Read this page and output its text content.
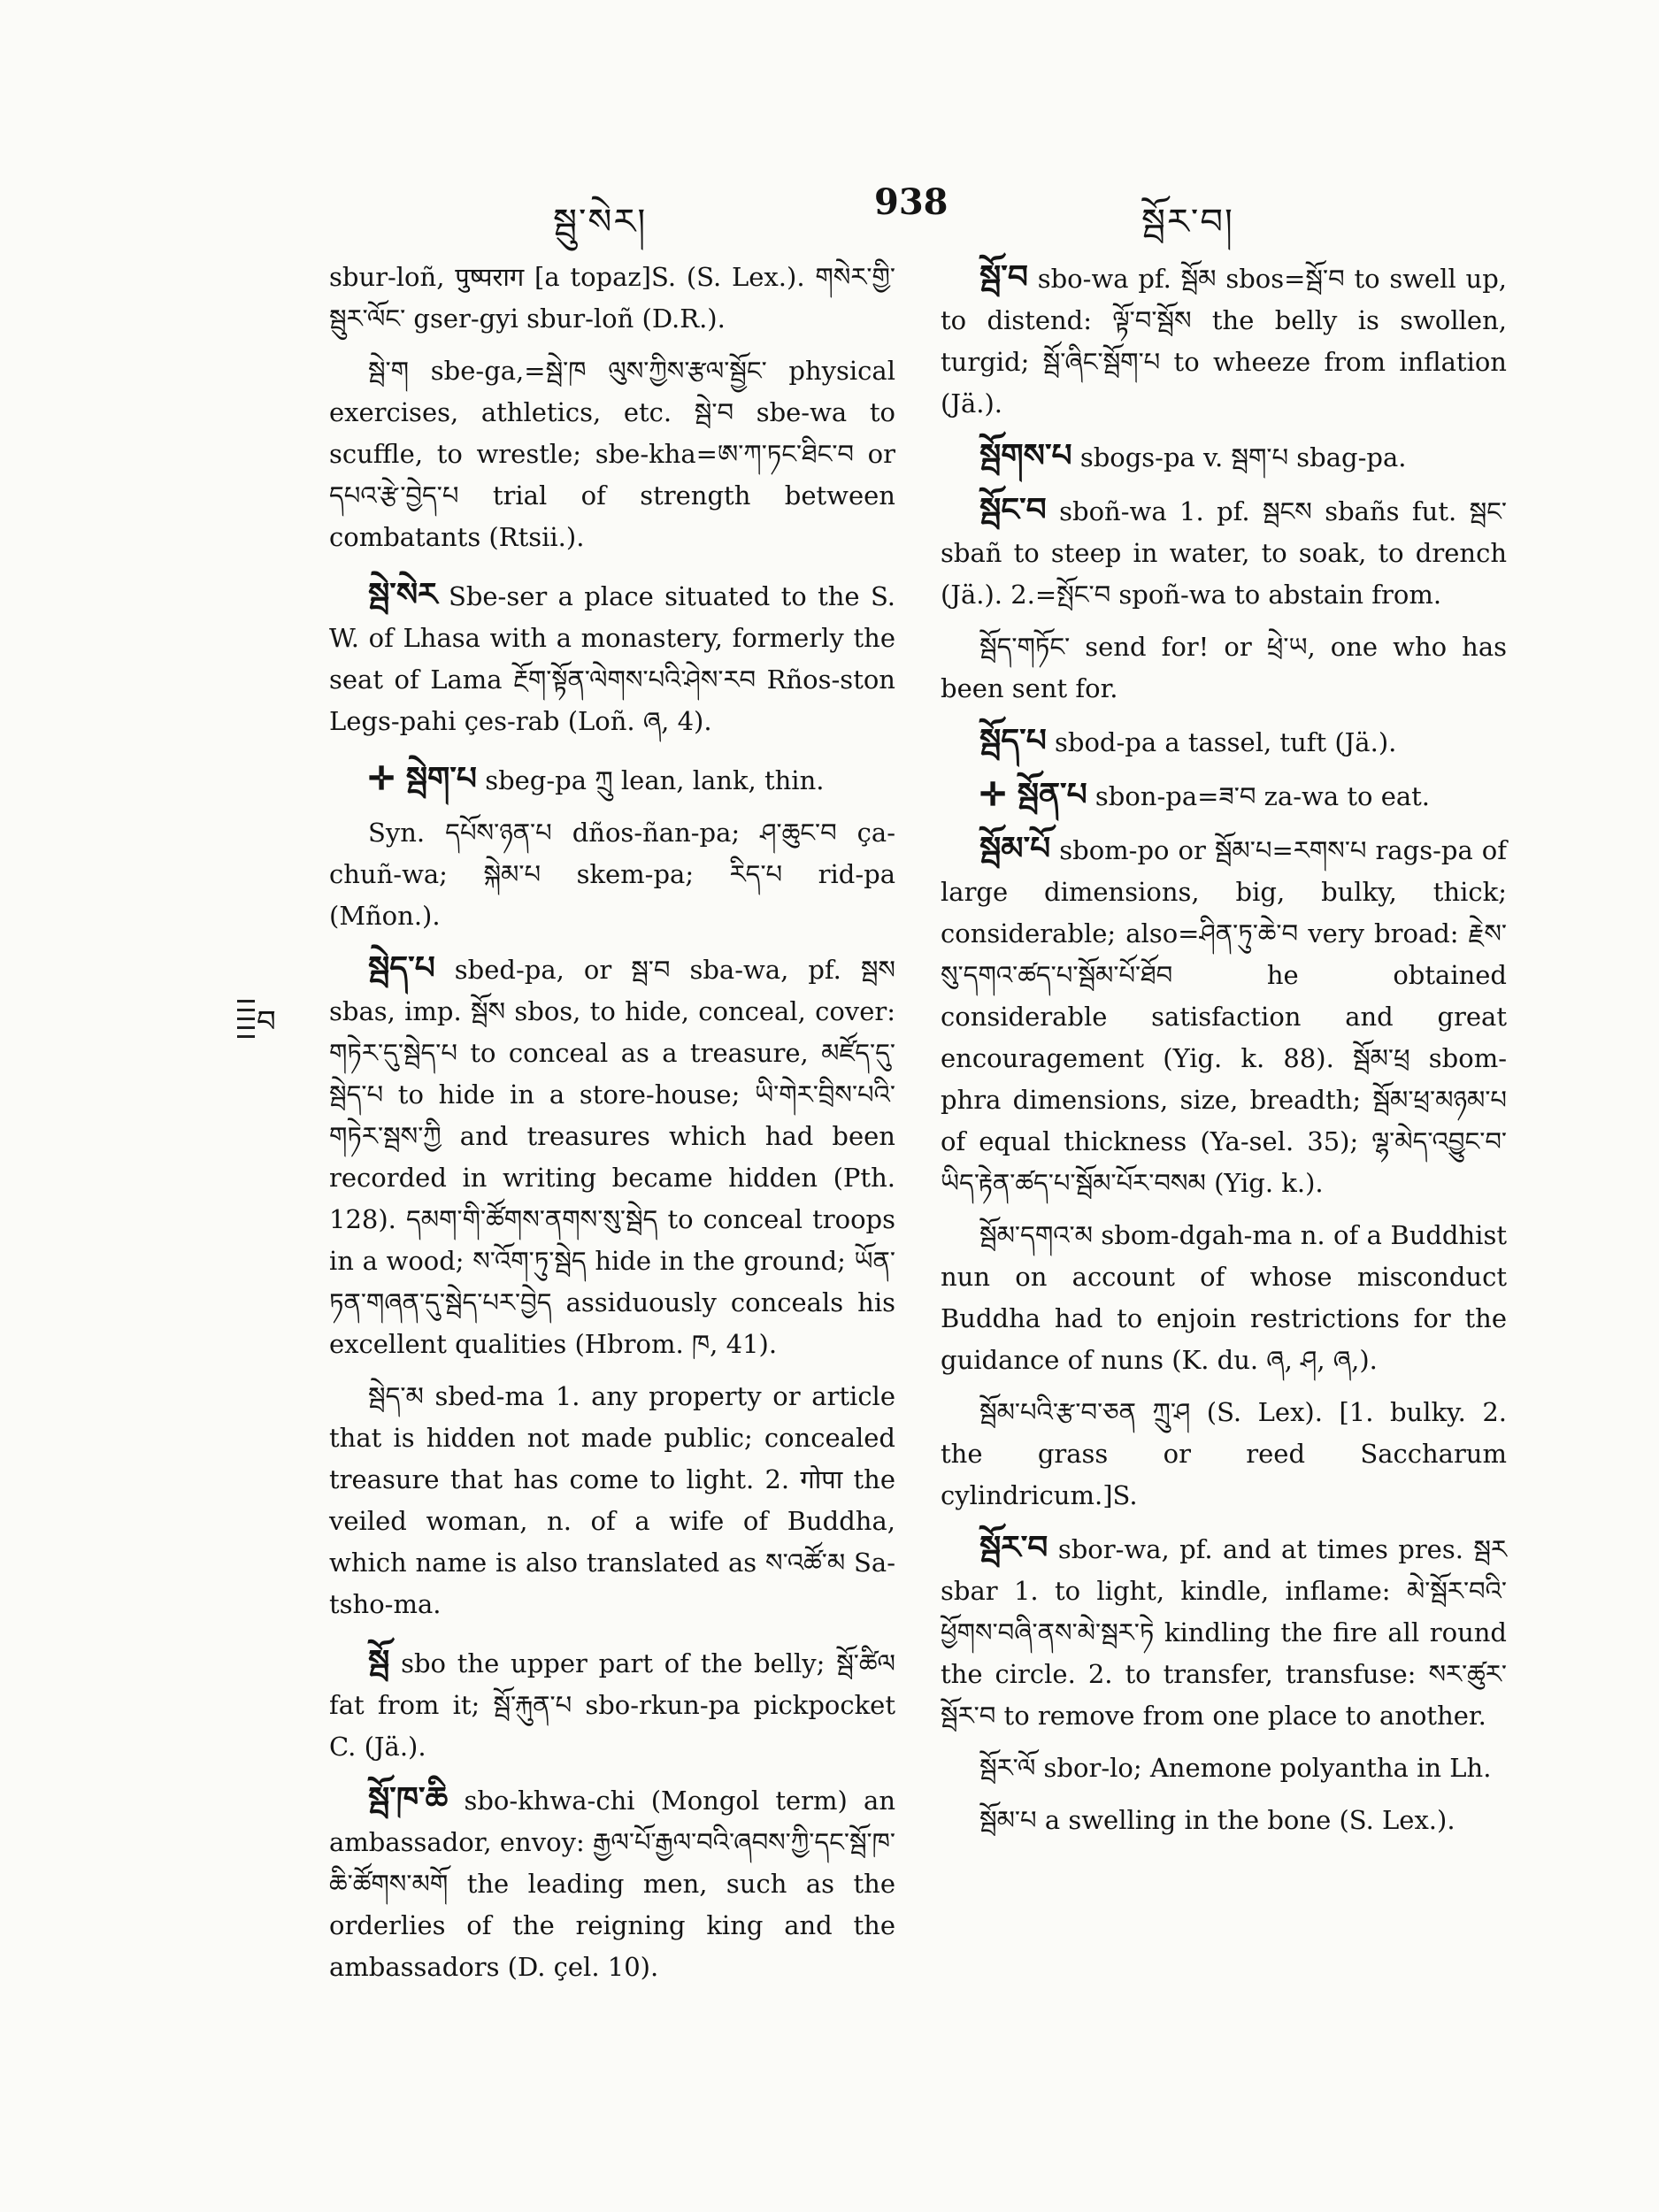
སྦུ་སེར།	938	སྦོར་བ།
བ

sbur-loñ, पुष्पराग [a topaz]S. (S. Lex.). གསེར་གྱི་སྦུར་ལོང་ gser-gyi sbur-loñ (D.R.).

སྦེ་ག sbe-ga,=སྦེ་ཁ ལུས་ཀྱིས་རྩལ་སྦྱོང་ physical exercises, athletics, etc. སྦེ་བ sbe-wa to scuffle, to wrestle; sbe-kha=ཨ་ཀ་ཏང་ཐིང་བ or དཔའ་རྩེ་བྱེད་པ trial of strength between combatants (Rtsii.).

སྦེ་སེར Sbe-ser a place situated to the S. W. of Lhasa with a monastery, formerly the seat of Lama རྔོག་སྟོན་ལེགས་པའི་ཤེས་རབ Rños-ston Legs-pahi çes-rab (Loñ. ཞ, 4).

✛ སྦེག་པ sbeg-pa ཀྲུ lean, lank, thin.

Syn. དཔོས་ཉན་པ dños-ñan-pa; ཤ་ཆུང་བ ça-chuñ-wa; སྐེམ་པ skem-pa; རིད་པ rid-pa (Mñon.).

སྦེད་པ sbed-pa, or སྦ་བ sba-wa, pf. སྦས sbas, imp. སྦོས sbos, to hide, conceal, cover: གཏེར་དུ་སྦེད་པ to conceal as a treasure, མཛོད་དུ་སྦེད་པ to hide in a store-house; ཡི་གེར་བྲིས་པའི་གཏེར་སྦས་ཀྱི and treasures which had been recorded in writing became hidden (Pth. 128). དམག་གི་ཚོགས་ནགས་སུ་སྦེད to conceal troops in a wood; ས་འོག་ཏུ་སྦེད hide in the ground; ཡོན་ཏན་གཞན་དུ་སྦེད་པར་བྱེད assiduously conceals his excellent qualities (Hbrom. ཁ, 41).

སྦེད་མ sbed-ma 1. any property or article that is hidden not made public; concealed treasure that has come to light. 2. गोपा the veiled woman, n. of a wife of Buddha, which name is also translated as ས་འཚོ་མ Sa-tsho-ma.

སྦོ sbo the upper part of the belly; སྦོ་ཚིལ fat from it; སྦོ་རྐུན་པ sbo-rkun-pa pickpocket C. (Jä.).

སྦོ་ཁ་ཆི sbo-khwa-chi (Mongol term) an ambassador, envoy: རྒྱལ་པོ་རྒྱལ་བའི་ཞབས་ཀྱི་དང་སྦོ་ཁ་ཆི་ཚོགས་མགོ the leading men, such as the orderlies of the reigning king and the ambassadors (D. çel. 10).

སྦོ་བ sbo-wa pf. སྦོམ sbos=སྦོ་བ to swell up, to distend: ལྟོ་བ་སྦོས the belly is swollen, turgid; སྦོ་ཞིང་སྦོག་པ to wheeze from inflation (Jä.).

སྦོགས་པ sbogs-pa v. སྦག་པ sbag-pa.

སྦོང་བ sboñ-wa 1. pf. སྦངས sbañs fut. སྦང་ sbañ to steep in water, to soak, to drench (Jä.). 2.=སྤོང་བ spoñ-wa to abstain from.

སྦོད་གཏོང་ send for! or ཕྲེ་ཡ, one who has been sent for.

སྦོད་པ sbod-pa a tassel, tuft (Jä.).

✛ སྦོན་པ sbon-pa=ཟ་བ za-wa to eat.

སྦོམ་པོ sbom-po or སྦོམ་པ=རགས་པ rags-pa of large dimensions, big, bulky, thick; considerable; also=ཤིན་ཏུ་ཆེ་བ very broad: རྗེས་སུ་དགའ་ཚད་པ་སྦོམ་པོ་ཐོབ he obtained considerable satisfaction and great encouragement (Yig. k. 88). སྦོམ་ཕྲ sbom-phra dimensions, size, breadth; སྦོམ་ཕྲ་མཉམ་པ of equal thickness (Ya-sel. 35); ལྷ་མེད་འབྱུང་བ་ཡིད་རྟེན་ཚད་པ་སྦོམ་པོར་བསམ (Yig. k.).

སྦོམ་དགའ་མ sbom-dgah-ma n. of a Buddhist nun on account of whose misconduct Buddha had to enjoin restrictions for the guidance of nuns (K. du. ཞ, ཤ, ཞ,).

སྦོམ་པའི་རྩ་བ་ཅན ཀྲུ་ཤ (S. Lex). [1. bulky. 2. the grass or reed Saccharum cylindricum.]S.

སྦོར་བ sbor-wa, pf. and at times pres. སྦར sbar 1. to light, kindle, inflame: མེ་སྦོར་བའི་ཕྱོགས་བཞི་ནས་མེ་སྦར་ཏེ kindling the fire all round the circle. 2. to transfer, transfuse: སར་ཚུར་སྦོར་བ to remove from one place to another.

སྦོར་ལོ sbor-lo; Anemone polyantha in Lh.

སྦོམ་པ a swelling in the bone (S. Lex.).
